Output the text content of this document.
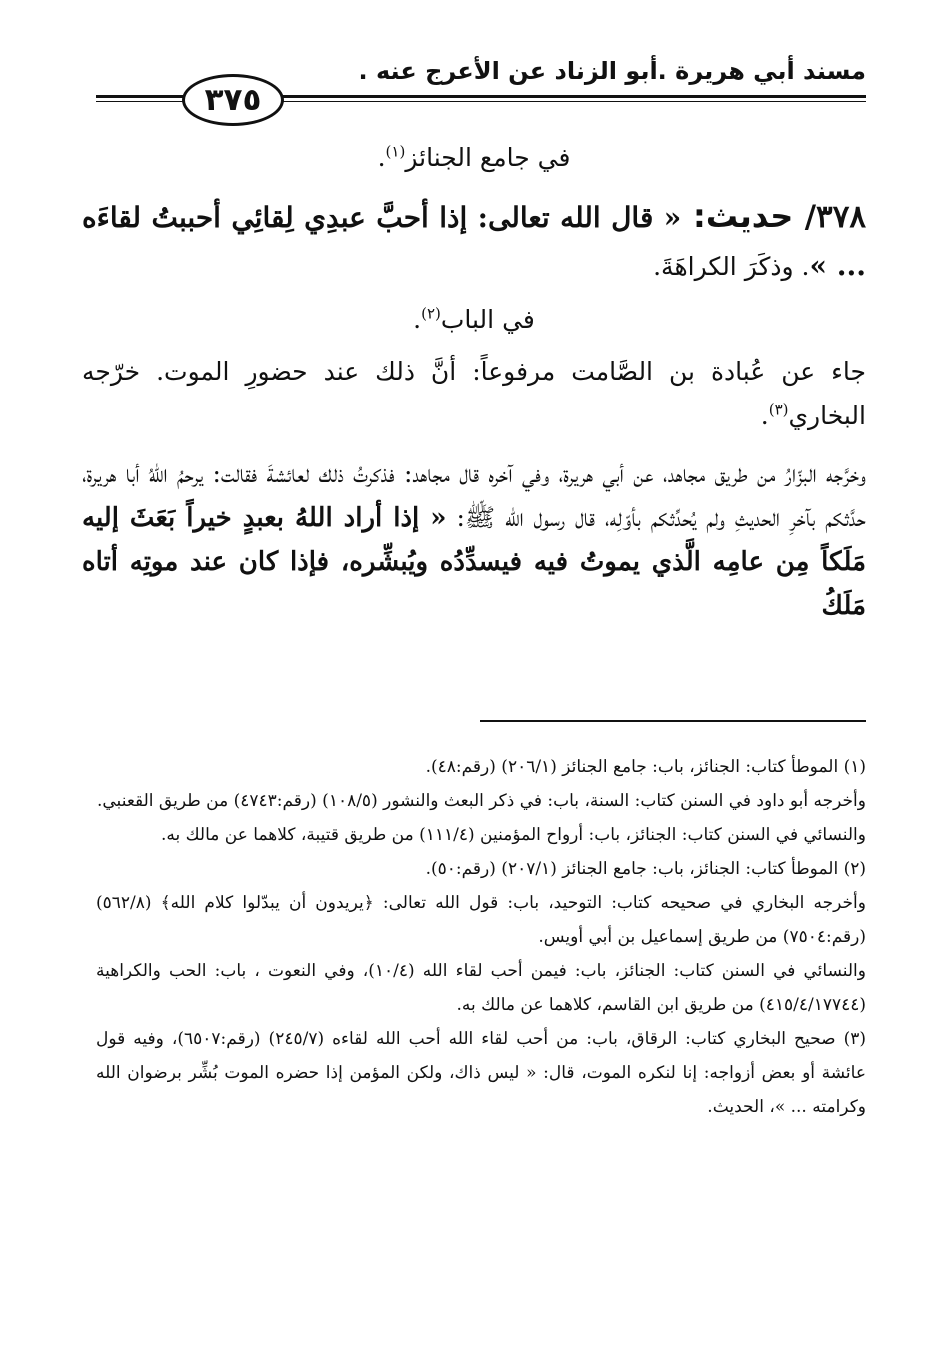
مسند أبي هريرة .أبو الزناد عن الأعرج عنه .
٣٧٥

في جامع الجنائز$^{(١)}$.

٣٧٨/ حديث: « قال الله تعالى: إذا أحبَّ عبدِي لِقائِي أحببتُ لقاءَه ... ». وذكَرَ الكراهَةَ.

في الباب$^{(٢)}$.

جاء عن عُبادة بن الصَّامت مرفوعاً: أنَّ ذلك عند حضورِ الموت. خرّجه البخاري$^{(٣)}$.

وخرَّجه البزّارُ من طريق مجاهد، عن أبي هريرة، وفي آخره قال مجاهد: فذكرتُ ذلك لعائشةَ فقالت: يرحمُ اللهُ أبا هريرة، حدَّثكم بآخرِ الحديثِ ولم يُحدِّثكم بأوّلِه، قال رسول الله ﷺ: « إذا أراد اللهُ بعبدٍ خيراً بَعَثَ إليه مَلَكاً مِن عامِه الَّذي يموتُ فيه فيسدِّدُه ويُبشِّره، فإذا كان عند موتِه أتاه مَلَكُ

(١) الموطأ كتاب: الجنائز، باب: جامع الجنائز (٢٠٦/١) (رقم:٤٨).

وأخرجه أبو داود في السنن كتاب: السنة، باب: في ذكر البعث والنشور (١٠٨/٥) (رقم:٤٧٤٣) من طريق القعنبي.

والنسائي في السنن كتاب: الجنائز، باب: أرواح المؤمنين (١١١/٤) من طريق قتيبة، كلاهما عن مالك به.

(٢) الموطأ كتاب: الجنائز، باب: جامع الجنائز (٢٠٧/١) (رقم:٥٠).

وأخرجه البخاري في صحيحه كتاب: التوحيد، باب: قول الله تعالى: ﴿يريدون أن يبدّلوا كلام الله﴾ (٥٦٢/٨) (رقم:٧٥٠٤) من طريق إسماعيل بن أبي أويس.

والنسائي في السنن كتاب: الجنائز، باب: فيمن أحب لقاء الله (١٠/٤)، وفي النعوت ، باب: الحب والكراهية (٤١٥/٤/١٧٧٤٤) من طريق ابن القاسم، كلاهما عن مالك به.

(٣) صحيح البخاري كتاب: الرقاق، باب: من أحب لقاء الله أحب الله لقاءه (٢٤٥/٧) (رقم:٦٥٠٧)، وفيه قول عائشة أو بعض أزواجه: إنا لنكره الموت، قال: « ليس ذاك، ولكن المؤمن إذا حضره الموت بُشِّر برضوان الله وكرامته ... »، الحديث.
